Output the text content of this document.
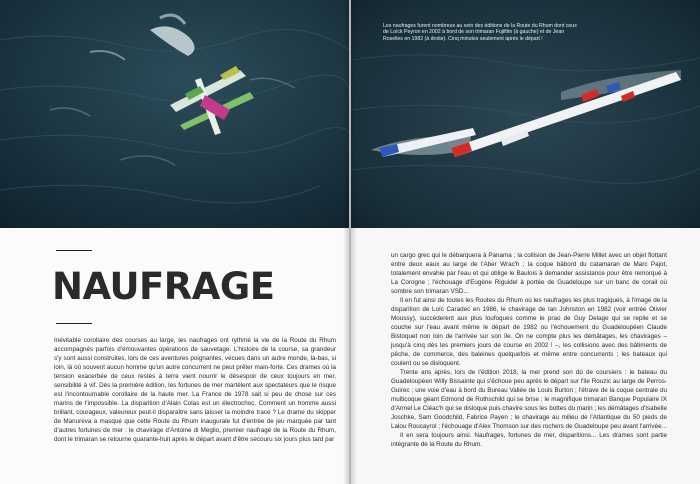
NAUFRAGE

Inévitable corollaire des courses au large, les naufrages ont rythmé la vie de la Route du Rhum accompagnés parfois d'émouvantes opérations de sauvetage. L'histoire de la course, sa grandeur s'y sont aussi construites, lors de ces aventures poignantes, vécues dans un autre monde, là-bas, si loin, là où souvent aucun homme qu'un autre concurrent ne peut prêter main-forte. Ces drames où la tension exacerbée de ceux restés à terre vient nourrir le désespoir de ceux toujours en mer, sensibilité à vif. Dès la première édition, les fortunes de mer martèlent aux spectateurs que le risque est l'incontournable corollaire de la haute mer. La France de 1978 sait si peu de chose sur ces marins de l'impossible. La disparition d'Alain Colas est un électrochoc. Comment un homme aussi brillant, courageux, valeureux peut-il disparaître sans laisser la moindre trace ? Le drame du skipper de Manureva a masqué que cette Route du Rhum inaugurale fut d'entrée de jeu marquée par tant d'autres fortunes de mer : le chavirage d'Antoine di Meglio, premier naufragé de la Route du Rhum, dont le trimaran se retourne quarante-huit après le départ avant d'être secouru six jours plus tard par

Les naufrages furent nombreux au sein des éditions de la Route du Rhum dont ceux de Loïck Peyron en 2002 à bord de son trimaran Fujifilm (à gauche) et de Jean Roselles en 1982 (à droite). Cinq minutes seulement après le départ !

un cargo grec qui le débarquera à Panama ; la collision de Jean-Pierre Millet avec un objet flottant entre deux eaux au large de l'Aber Wrac'h ; la coque bâbord du catamaran de Marc Pajot, totalement envahie par l'eau et qui oblige le Baulois à demander assistance pour être remorqué à La Corogne ; l'échouage d'Eugène Riguidel à portée de Guadeloupe sur un banc de corail où sombre son trimaran VSD...

Il en fut ainsi de toutes les Routes du Rhum où les naufrages les plus tragiques, à l'image de la disparition de Loïc Caradec en 1986, le chavirage de Ian Johnston en 1982 (voir entrée Olivier Moussy), succèderent aux plus loufoques comme le prao de Guy Delage qui se replie et se couche sur l'eau avant même le départ de 1982 ou l'échouement du Guadeloupéen Claude Bistoquet non loin de l'arrivée sur son île. On ne compte plus les démâtages, les chavirages – jusqu'à cinq dès les premiers jours de course en 2002 ! –, les collisions avec des bâtiments de pêche, de commerce, des baleines quelquefois et même entre concurrents ; les bateaux qui coulent ou se disloquent.

Trente ans après, lors de l'édition 2018, la mer prend son dû de coursiers : le bateau du Guadeloupéen Willy Bissainte qui s'échoue peu après le départ sur l'île Rouzic au large de Perros-Guirec ; une voie d'eau à bord du Bureau Vallée de Louis Burton ; l'étrave de la coque centrale du multicoque géant Edmond de Rothschild qui se brise ; le magnifique trimaran Banque Populaire IX d'Armel Le Cléac'h qui se disloque puis chavire sous les bottes du marin ; les démâtages d'Isabelle Joschke, Sam Goodchild, Fabrice Payen ; le chavirage au milieu de l'Atlantique du 50 pieds de Lalou Roucayrol ; l'échouage d'Alex Thomson sur des rochers de Guadeloupe peu avant l'arrivée...

Il en sera toujours ainsi. Naufrages, fortunes de mer, disparitions... Les drames sont partie intégrante de la Route du Rhum.
